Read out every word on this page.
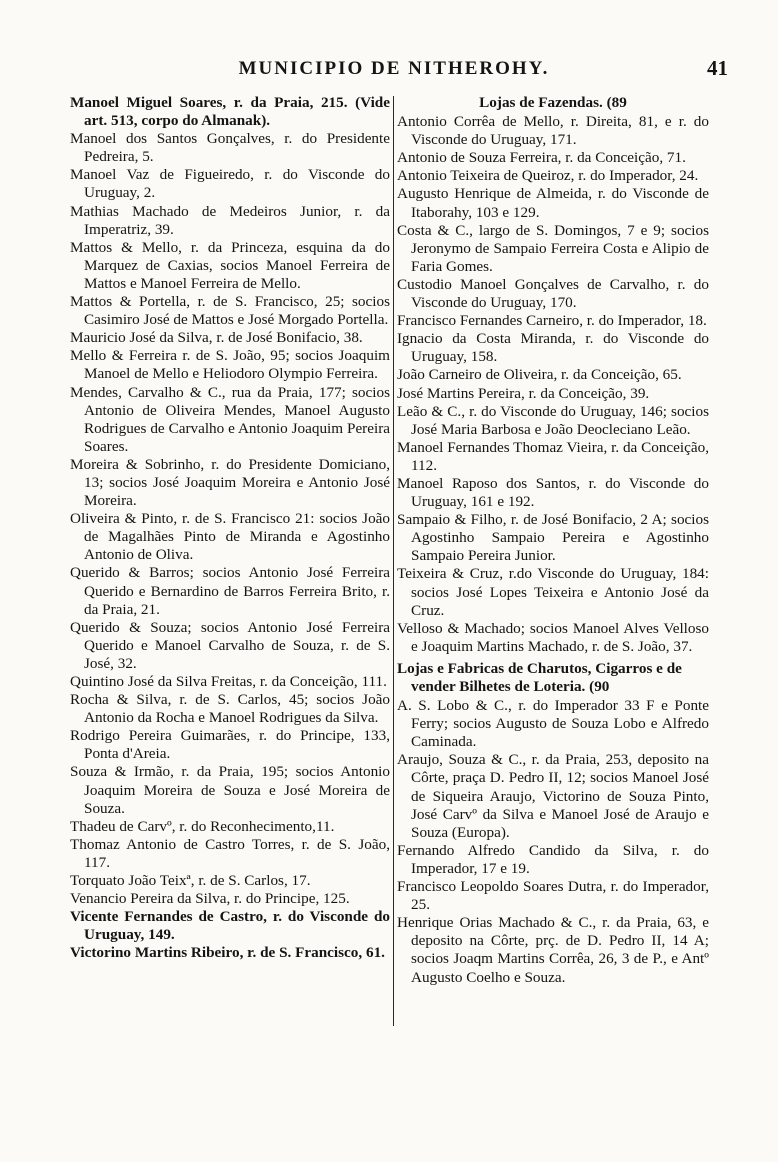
MUNICIPIO DE NITHEROHY.	41
Manoel Miguel Soares, r. da Praia, 215. (Vide art. 513, corpo do Almanak).
Manoel dos Santos Gonçalves, r. do Presidente Pedreira, 5.
Manoel Vaz de Figueiredo, r. do Visconde do Uruguay, 2.
Mathias Machado de Medeiros Junior, r. da Imperatriz, 39.
Mattos & Mello, r. da Princeza, esquina da do Marquez de Caxias, socios Manoel Ferreira de Mattos e Manoel Ferreira de Mello.
Mattos & Portella, r. de S. Francisco, 25; socios Casimiro José de Mattos e José Morgado Portella.
Mauricio José da Silva, r. de José Bonifacio, 38.
Mello & Ferreira r. de S. João, 95; socios Joaquim Manoel de Mello e Heliodoro Olympio Ferreira.
Mendes, Carvalho & C., rua da Praia, 177; socios Antonio de Oliveira Mendes, Manoel Augusto Rodrigues de Carvalho e Antonio Joaquim Pereira Soares.
Moreira & Sobrinho, r. do Presidente Domiciano, 13; socios José Joaquim Moreira e Antonio José Moreira.
Oliveira & Pinto, r. de S. Francisco 21: socios João de Magalhães Pinto de Miranda e Agostinho Antonio de Oliva.
Querido & Barros; socios Antonio José Ferreira Querido e Bernardino de Barros Ferreira Brito, r. da Praia, 21.
Querido & Souza; socios Antonio José Ferreira Querido e Manoel Carvalho de Souza, r. de S. José, 32.
Quintino José da Silva Freitas, r. da Conceição, 111.
Rocha & Silva, r. de S. Carlos, 45; socios João Antonio da Rocha e Manoel Rodrigues da Silva.
Rodrigo Pereira Guimarães, r. do Principe, 133, Ponta d'Areia.
Souza & Irmão, r. da Praia, 195; socios Antonio Joaquim Moreira de Souza e José Moreira de Souza.
Thadeu de Carvº, r. do Reconhecimento,11.
Thomaz Antonio de Castro Torres, r. de S. João, 117.
Torquato João Teixª, r. de S. Carlos, 17.
Venancio Pereira da Silva, r. do Principe, 125.
Vicente Fernandes de Castro, r. do Visconde do Uruguay, 149.
Victorino Martins Ribeiro, r. de S. Francisco, 61.
Lojas de Fazendas. (89
Antonio Corrêa de Mello, r. Direita, 81, e r. do Visconde do Uruguay, 171.
Antonio de Souza Ferreira, r. da Conceição, 71.
Antonio Teixeira de Queiroz, r. do Imperador, 24.
Augusto Henrique de Almeida, r. do Visconde de Itaborahy, 103 e 129.
Costa & C., largo de S. Domingos, 7 e 9; socios Jeronymo de Sampaio Ferreira Costa e Alipio de Faria Gomes.
Custodio Manoel Gonçalves de Carvalho, r. do Visconde do Uruguay, 170.
Francisco Fernandes Carneiro, r. do Imperador, 18.
Ignacio da Costa Miranda, r. do Visconde do Uruguay, 158.
João Carneiro de Oliveira, r. da Conceição, 65.
José Martins Pereira, r. da Conceição, 39.
Leão & C., r. do Visconde do Uruguay, 146; socios José Maria Barbosa e João Deocleciano Leão.
Manoel Fernandes Thomaz Vieira, r. da Conceição, 112.
Manoel Raposo dos Santos, r. do Visconde do Uruguay, 161 e 192.
Sampaio & Filho, r. de José Bonifacio, 2 A; socios Agostinho Sampaio Pereira e Agostinho Sampaio Pereira Junior.
Teixeira & Cruz, r.do Visconde do Uruguay, 184: socios José Lopes Teixeira e Antonio José da Cruz.
Velloso & Machado; socios Manoel Alves Velloso e Joaquim Martins Machado, r. de S. João, 37.
Lojas e Fabricas de Charutos, Cigarros e de vender Bilhetes de Loteria. (90
A. S. Lobo & C., r. do Imperador 33 F e Ponte Ferry; socios Augusto de Souza Lobo e Alfredo Caminada.
Araujo, Souza & C., r. da Praia, 253, deposito na Côrte, praça D. Pedro II, 12; socios Manoel José de Siqueira Araujo, Victorino de Souza Pinto, José Carvº da Silva e Manoel José de Araujo e Souza (Europa).
Fernando Alfredo Candido da Silva, r. do Imperador, 17 e 19.
Francisco Leopoldo Soares Dutra, r. do Imperador, 25.
Henrique Orias Machado & C., r. da Praia, 63, e deposito na Côrte, prç. de D. Pedro II, 14 A; socios Joaqm Martins Corrêa, 26, 3 de P., e Antº Augusto Coelho e Souza.
